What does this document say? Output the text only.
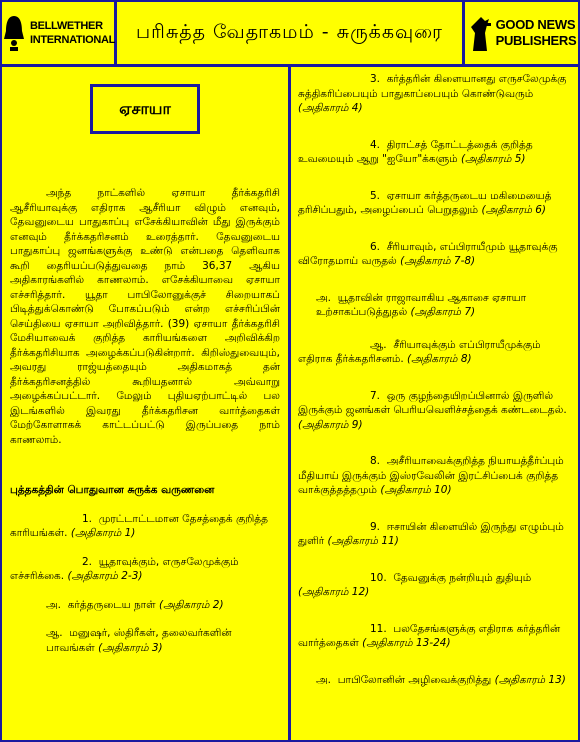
BELLWETHER
INTERNATIONAL	பரிசுத்த வேதாகமம் - சுருக்கவுரை	GOOD NEWS
PUBLISHERS
ஏசாயா

அந்த நாட்களில் ஏசாயா தீர்க்கதரிசி ஆசீரியாவுக்கு எதிராக ஆசீரியா விழும் எனவும், தேவனுடைய பாதுகாப்பு எசேக்கியாவின் மீது இருக்கும் எனவும் தீர்க்கதரிசனம் உரைத்தார். தேவனுடைய பாதுகாப்பு ஜனங்களுக்கு உண்டு என்பதை தெளிவாக கூறி தைரியப்படுத்துவதை நாம் 36,37 ஆகிய அதிகாரங்களில் காணலாம். எசேக்கியாவை ஏசாயா எச்சரித்தார். யூதா பாபிலோனுக்குச் சிறையாகப் பிடித்துக்கொண்டு போகப்படும் என்ற எச்சரிப்பின் செய்தியை ஏசாயா அறிவித்தார். (39) ஏசாயா தீர்க்கதரிசி மேசியாவைக் குறித்த காரியங்களை அறிவிக்கிற தீர்க்கதரிசியாக அழைக்கப்படுகின்றார். கிறிஸ்துவையும், அவரது ராஜ்யத்தையும் அதிகமாகத் தன் தீர்க்கதரிசனத்தில் கூறியதனால் அவ்வாறு அழைக்கப்பட்டார். மேலும் புதியஏற்பாட்டில் பல இடங்களில் இவரது தீர்க்கதரிசன வார்த்தைகள் மேற்கோளாகக் காட்டப்பட்டு இருப்பதை நாம் காணலாம்.

புத்தகத்தின் பொதுவான சுருக்க வருணனை
1. முரட்டாட்டமான தேசத்தைக் குறித்த காரியங்கள். (அதிகாரம் 1)
2. யூதாவுக்கும், எருசலேமுக்கும் எச்சரிக்கை. (அதிகாரம் 2-3)
அ. கர்த்தருடைய நாள் (அதிகாரம் 2)
ஆ. மனுஷர், ஸ்திரீகள், தலைவர்களின் பாவங்கள் (அதிகாரம் 3)
3. கர்த்தரின் கிளையானது எருசலேமுக்கு சுத்திகரிப்பையும் பாதுகாப்பையும் கொண்டுவரும் (அதிகாரம் 4)
4. திராட்சத் தோட்டத்தைக் குறித்த உவமையும் ஆறு "ஐயோ"க்களும் (அதிகாரம் 5)
5. ஏசாயா கர்த்தருடைய மகிமையைத் தரிசிப்பதும், அழைப்பைப் பெறுதலும் (அதிகாரம் 6)
6. சீரியாவும், எப்பிராயீமும் யூதாவுக்கு விரோதமாய் வருதல் (அதிகாரம் 7-8)
அ. யூதாவின் ராஜாவாகிய ஆகாசை ஏசாயா உற்சாகப்படுத்துதல் (அதிகாரம் 7)
ஆ. சீரியாவுக்கும் எப்பிராயீமுக்கும் எதிராக தீர்க்கதரிசனம். (அதிகாரம் 8)
7. ஒரு குழந்தையிறப்பினால் இருளில் இருக்கும் ஜனங்கள் பெரியவெளிச்சத்தைக் கண்டடைதல். (அதிகாரம் 9)
8. அசீரியாவைக்குறித்த நியாயத்தீர்ப்பும் மீதியாய் இருக்கும் இஸ்ரவேலின் இரட்சிப்பைக் குறித்த வாக்குத்தத்தமும் (அதிகாரம் 10)
9. ஈசாயின் கிளையில் இருந்து எழும்பும் துளிர் (அதிகாரம் 11)
10. தேவனுக்கு நன்றியும் துதியும் (அதிகாரம் 12)
11. பலதேசங்களுக்கு எதிராக கர்த்தரின் வார்த்தைகள் (அதிகாரம் 13-24)
அ. பாபிலோனின் அழிவைக்குறித்து (அதிகாரம் 13)
